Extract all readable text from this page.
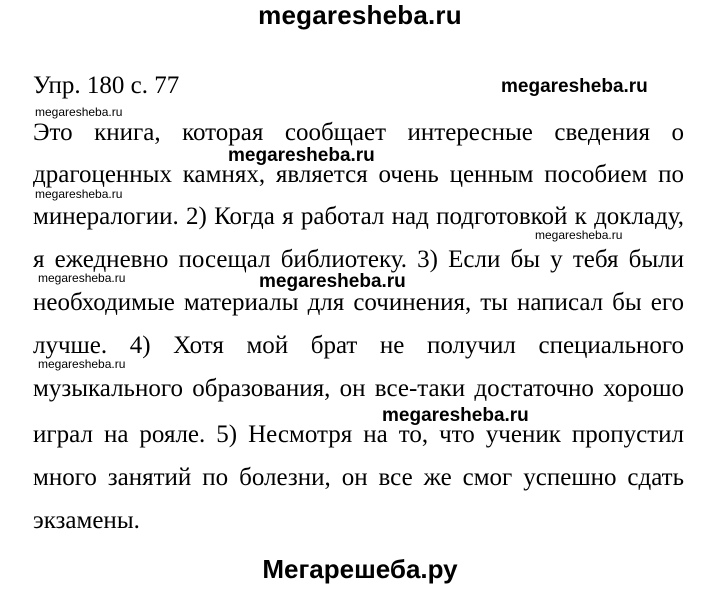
megaresheba.ru
Упр. 180 с. 77	megaresheba.ru
megaresheba.ru
megaresheba.ru
megaresheba.ru
megaresheba.ru
megaresheba.ru	megaresheba.ru
megaresheba.ru
megaresheba.ru
Это книга, которая сообщает интересные сведения о
драгоценных камнях, является очень ценным пособием по
минералогии. 2) Когда я работал над подготовкой к докладу,
я ежедневно посещал библиотеку. 3) Если бы у тебя были
необходимые материалы для сочинения, ты написал бы его
лучше. 4) Хотя мой брат не получил специального
музыкального образования, он все-таки достаточно хорошо
играл на рояле. 5) Несмотря на то, что ученик пропустил
много занятий по болезни, он все же смог успешно сдать
экзамены.
Мегарешеба.ру
